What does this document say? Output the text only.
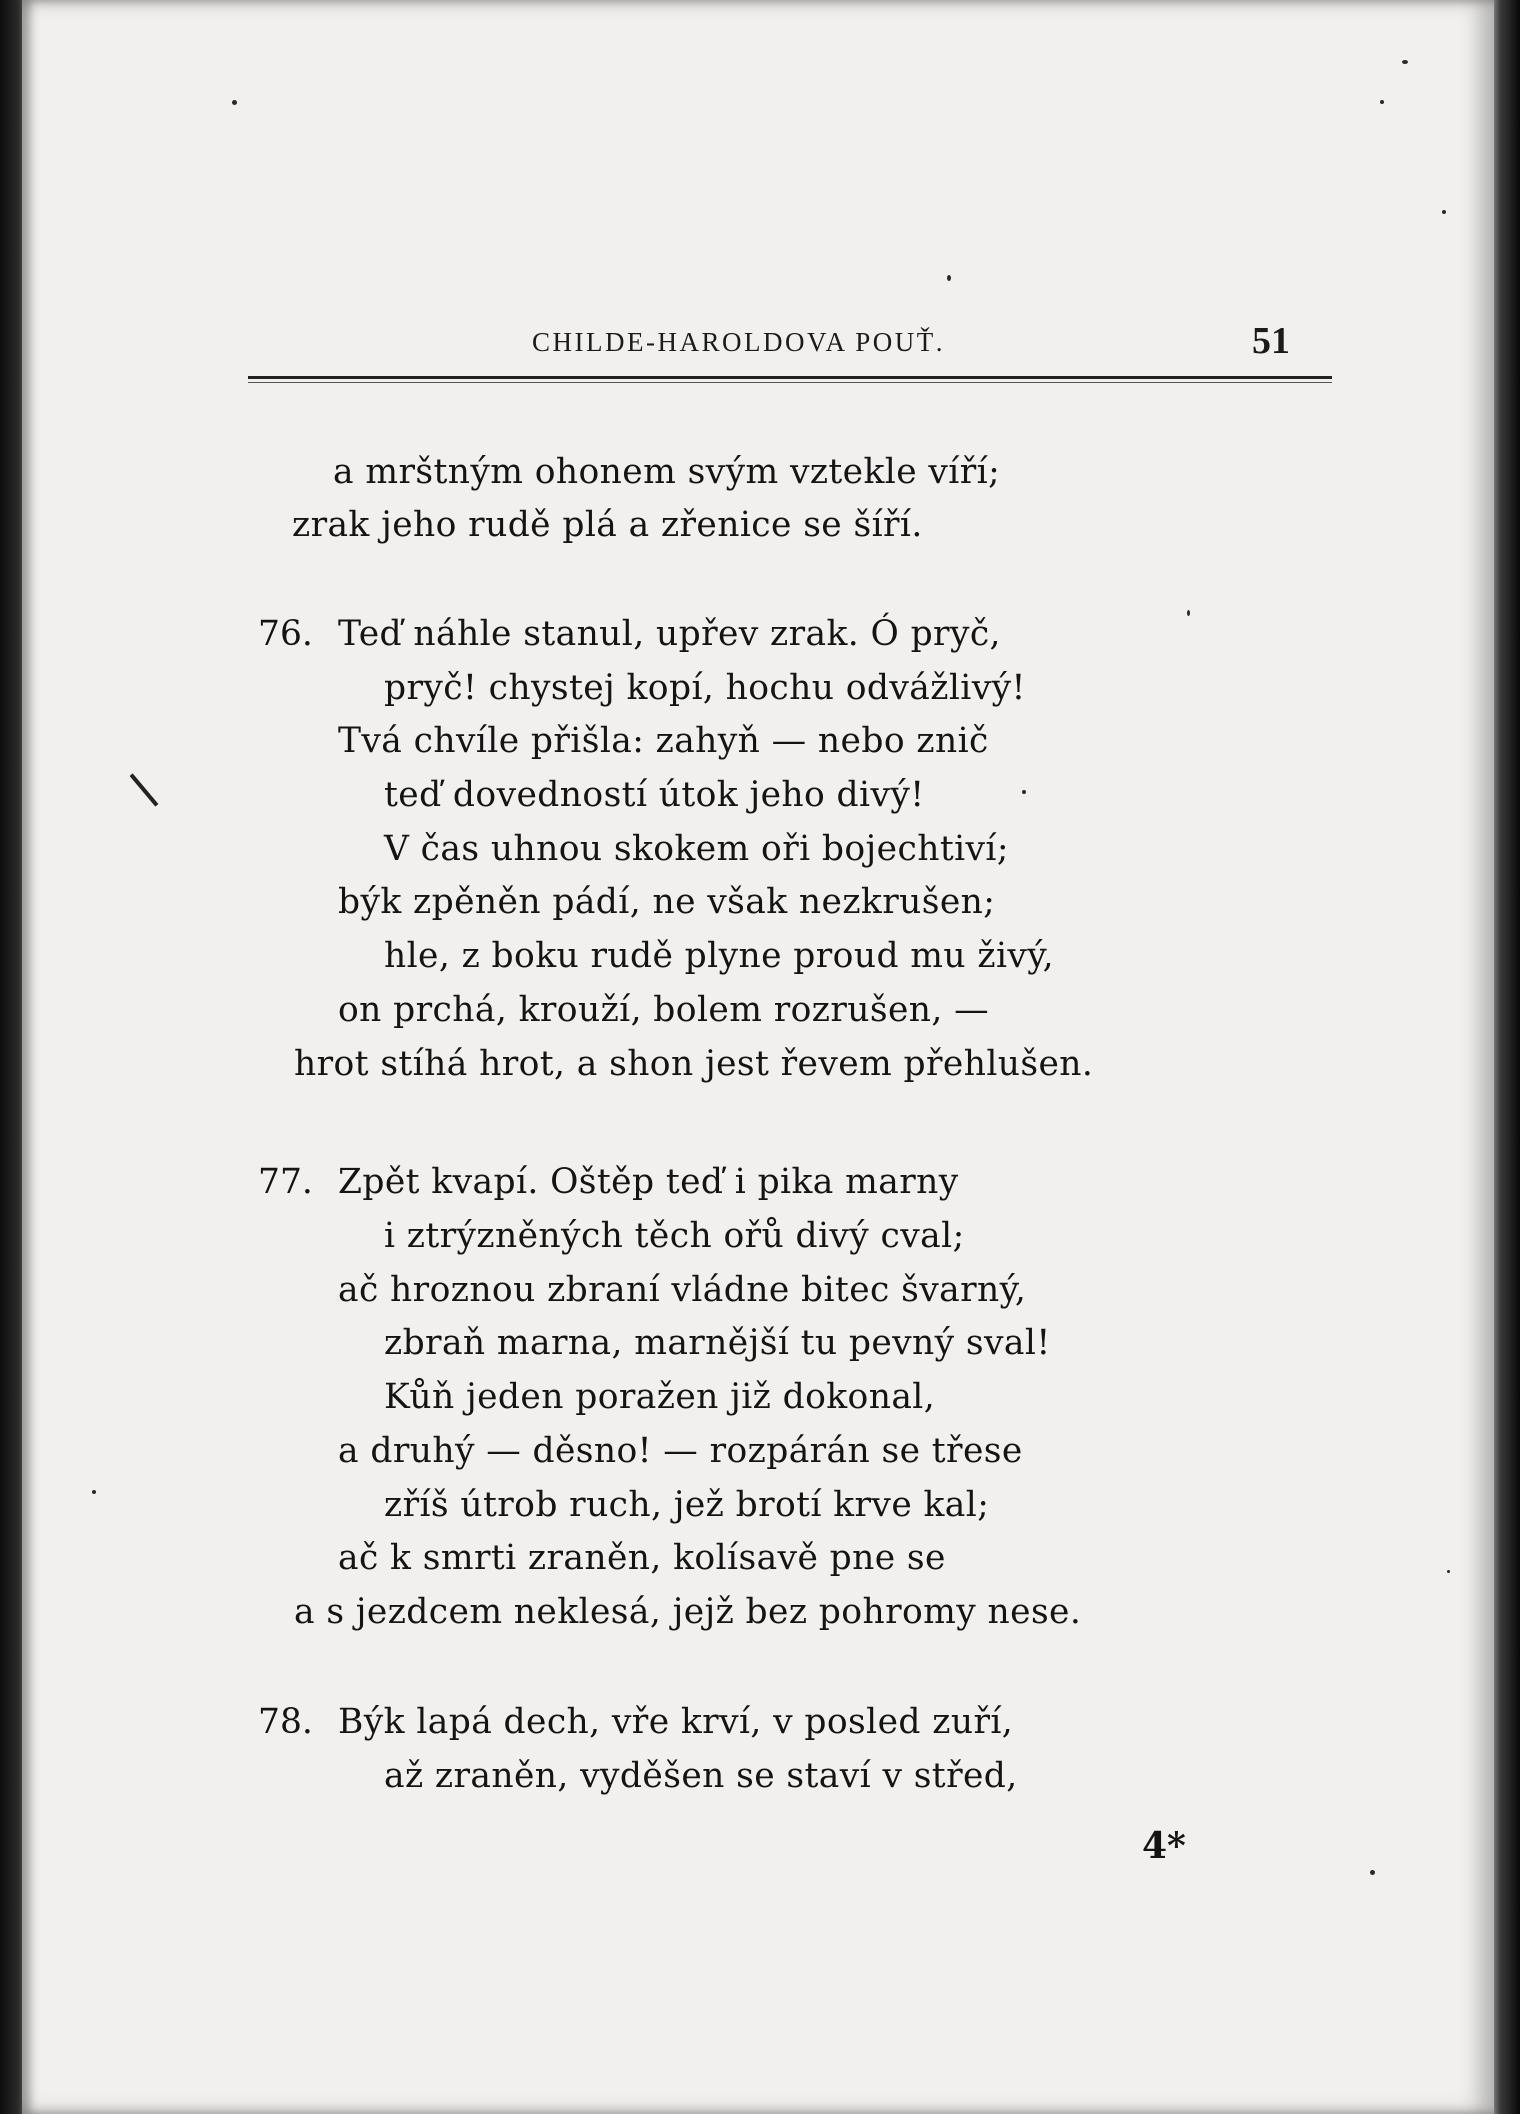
CHILDE-HAROLDOVA POUŤ.	51
a mrštným ohonem svým vztekle víří;
zrak jeho rudě plá a zřenice se šíří.
76. Teď náhle stanul, upřev zrak. Ó pryč,
pryč! chystej kopí, hochu odvážlivý!
Tvá chvíle přišla: zahyň — nebo znič
teď dovedností útok jeho divý!
V čas uhnou skokem oři bojechtiví;
býk zpěněn pádí, ne však nezkrušen;
hle, z boku rudě plyne proud mu živý,
on prchá, krouží, bolem rozrušen, —
hrot stíhá hrot, a shon jest řevem přehlušen.
77. Zpět kvapí. Oštěp teď i pika marny
i ztrýzněných těch ořů divý cval;
ač hroznou zbraní vládne bitec švarný,
zbraň marna, marnější tu pevný sval!
Kůň jeden poražen již dokonal,
a druhý — děsno! — rozpárán se třese
zříš útrob ruch, jež brotí krve kal;
ač k smrti zraněn, kolísavě pne se
a s jezdcem neklesá, jejž bez pohromy nese.
78. Býk lapá dech, vře krví, v posled zuří,
až zraněn, vyděšen se staví v střed,
4*
